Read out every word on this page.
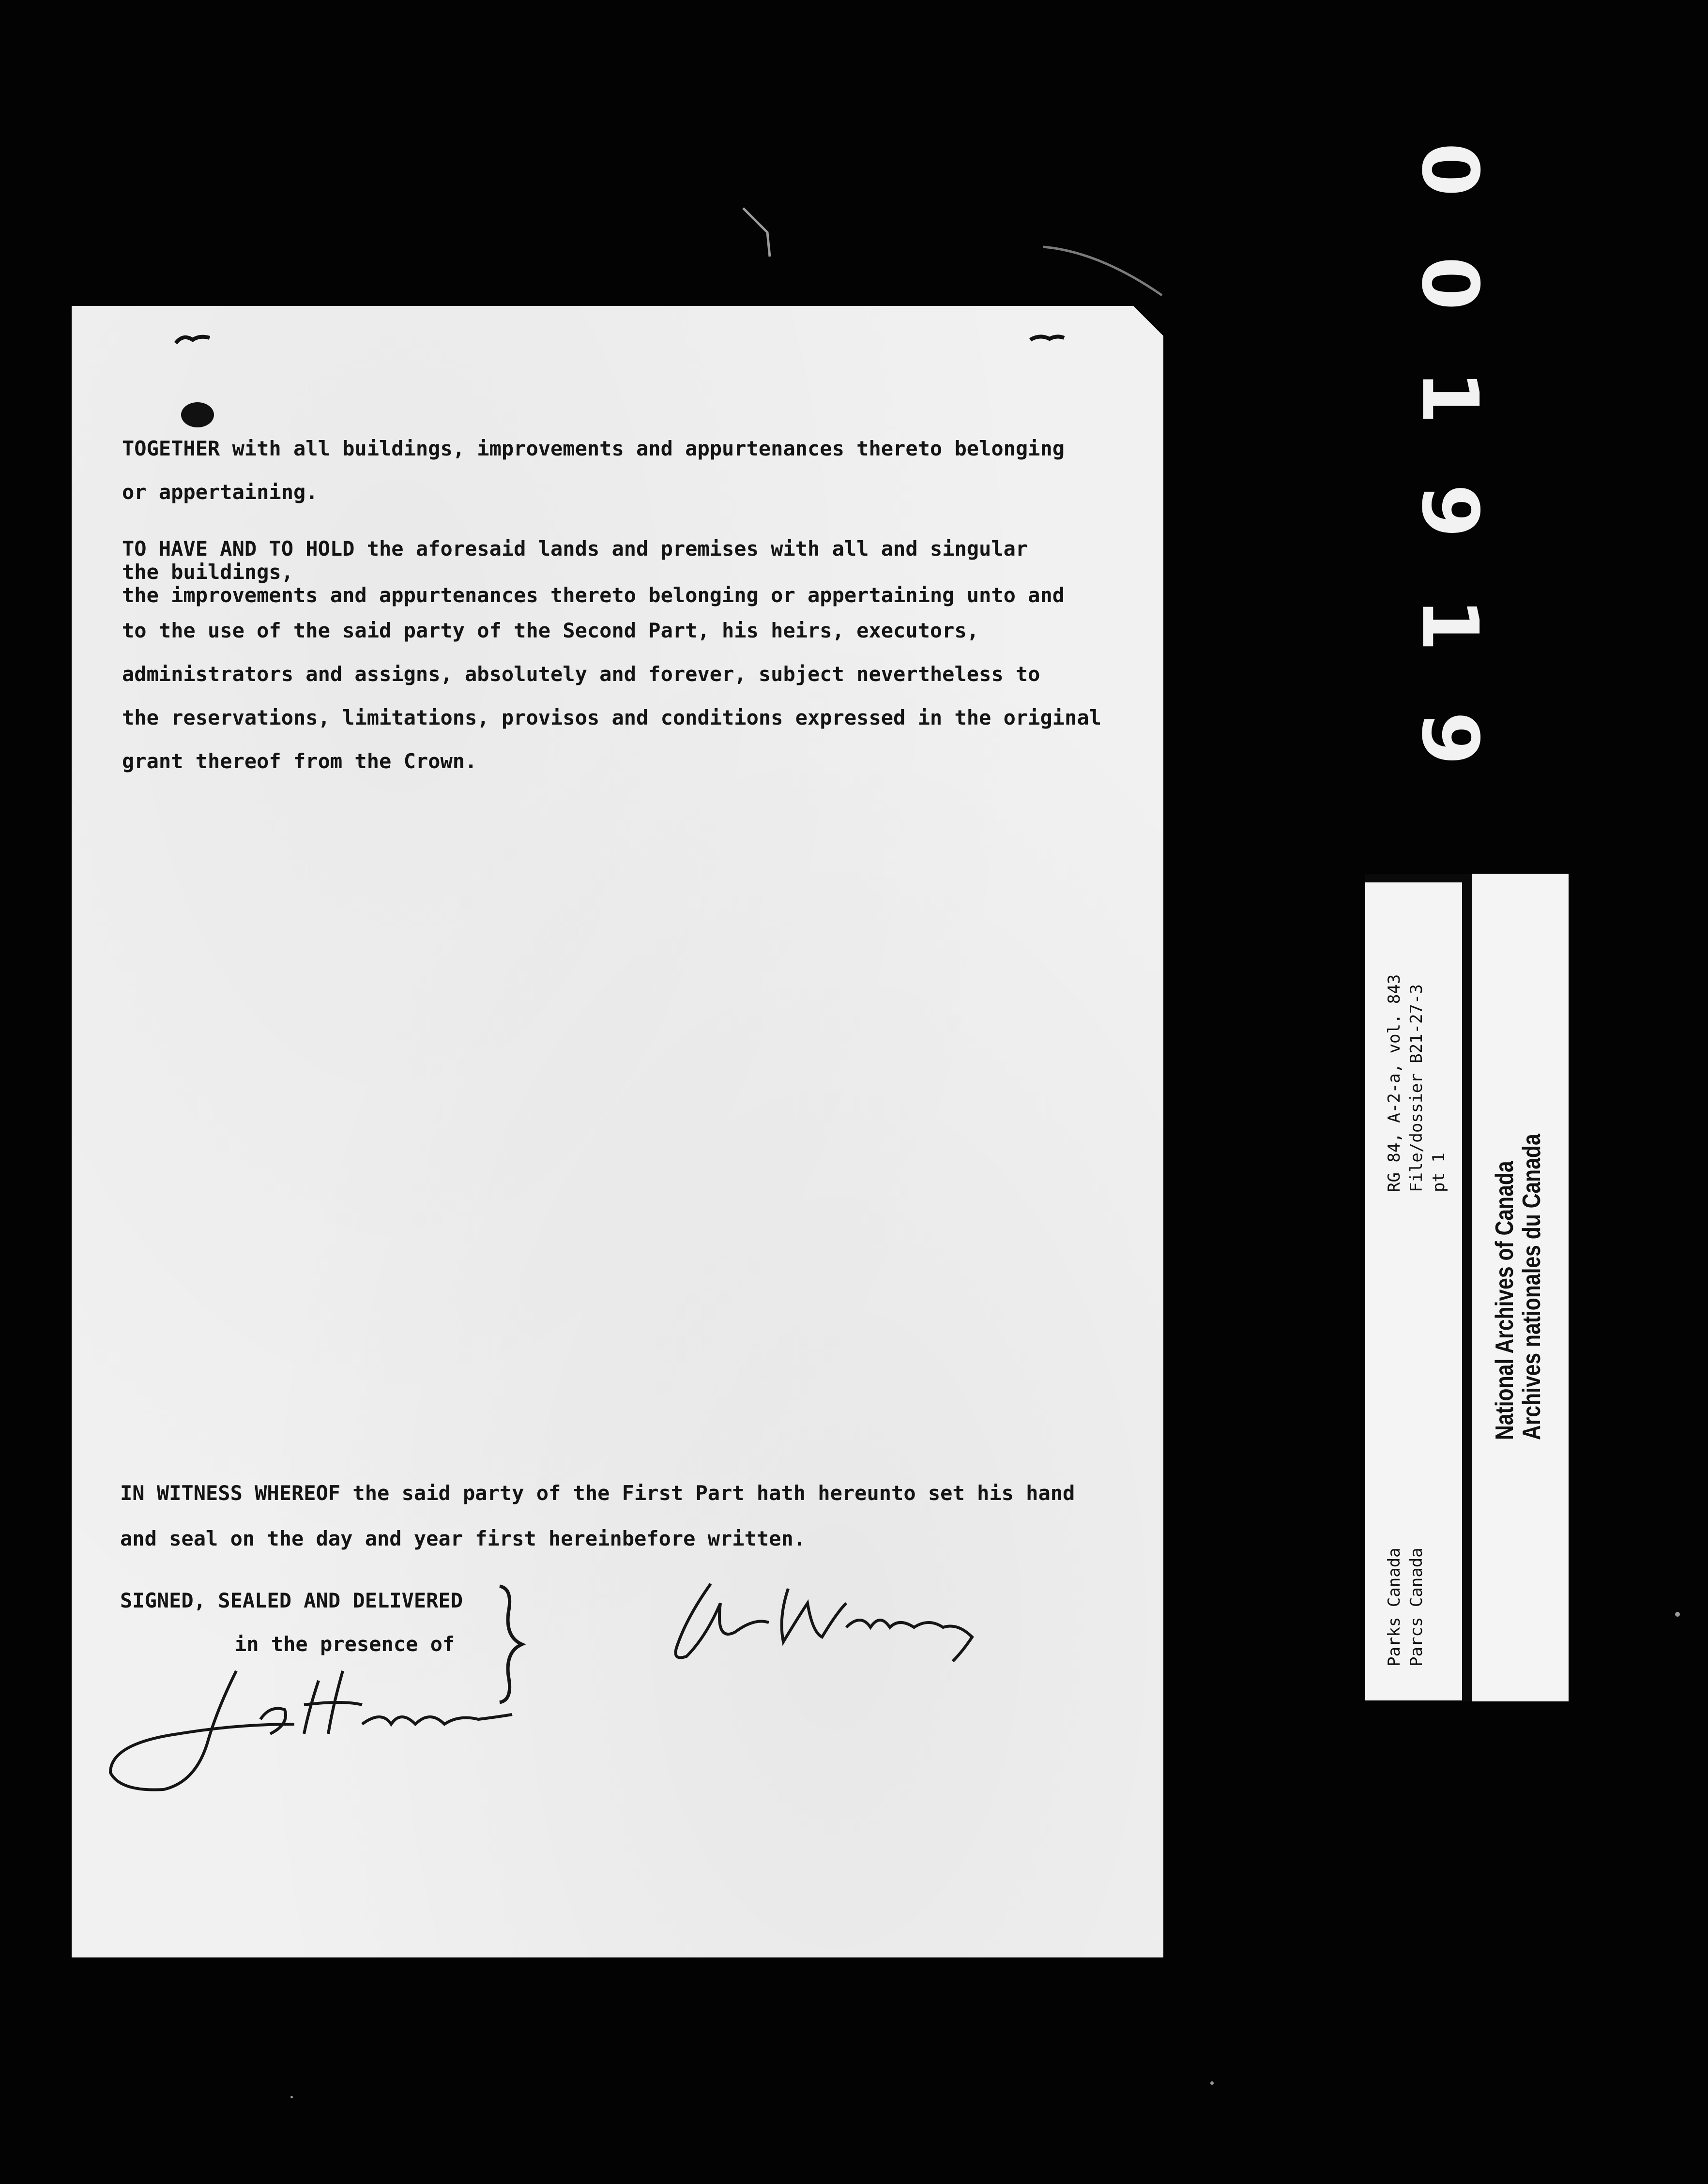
TOGETHER with all buildings, improvements and appurtenances thereto belonging
or appertaining.
TO HAVE AND TO HOLD the aforesaid lands and premises with all and singular
the buildings,
the improvements and appurtenances thereto belonging or appertaining unto and
to the use of the said party of the Second Part, his heirs, executors,
administrators and assigns, absolutely and forever, subject nevertheless to
the reservations, limitations, provisos and conditions expressed in the original
grant thereof from the Crown.
IN WITNESS WHEREOF the said party of the First Part hath hereunto set his hand
and seal on the day and year first hereinbefore written.
SIGNED, SEALED AND DELIVERED
in the presence of
0 0 1 9 1 9
Parks Canada Parcs Canada
RG 84, A-2-a, vol. 843 File/dossier B21-27-3 pt 1 National Archives of Canada
Archives nationales du Canada
